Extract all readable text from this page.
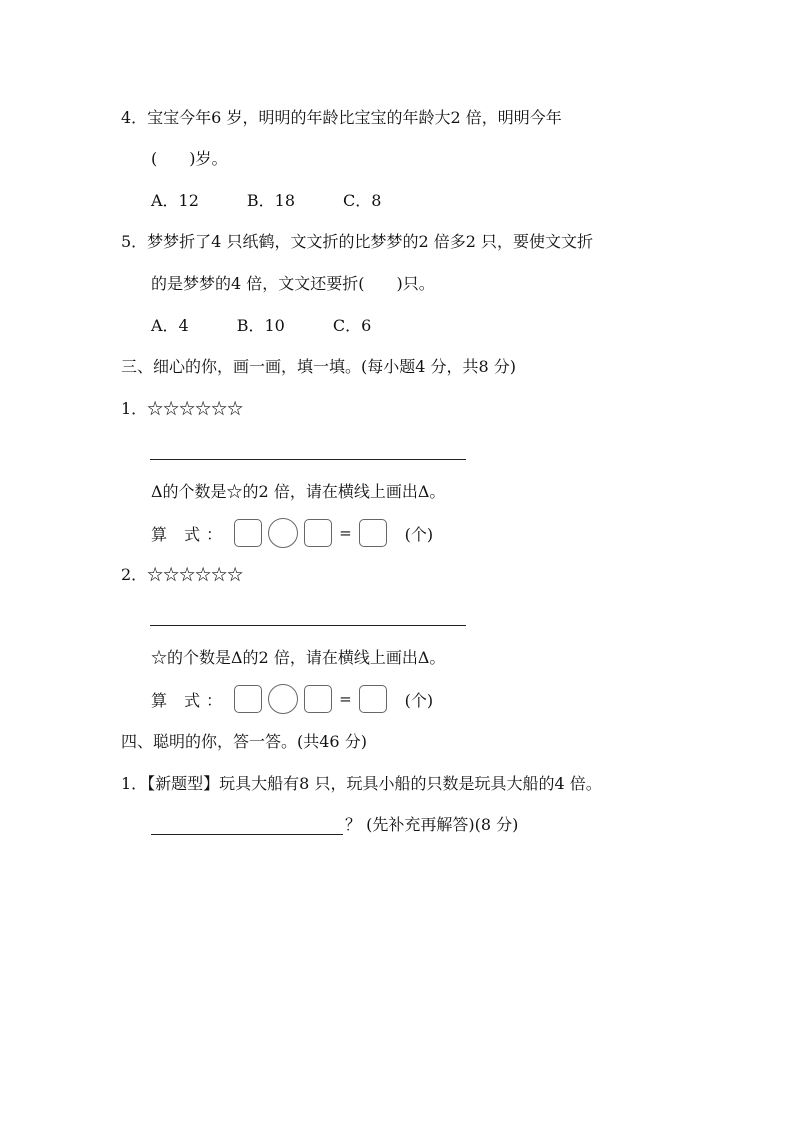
4．宝宝今年6 岁，明明的年龄比宝宝的年龄大2 倍，明明今年
(　　)岁。
A．12　　　B．18　　　C．8
5．梦梦折了4 只纸鹤，文文折的比梦梦的2 倍多2 只，要使文文折
的是梦梦的4 倍，文文还要折(　　)只。
A．4　　　B．10　　　C．6
三、细心的你，画一画，填一填。(每小题4 分，共8 分)
1．☆☆☆☆☆☆
Δ的个数是☆的2 倍，请在横线上画出Δ。
算 式：	=	(个)
2．☆☆☆☆☆☆
☆的个数是Δ的2 倍，请在横线上画出Δ。
算 式：	=	(个)
四、聪明的你，答一答。(共46 分)
1．【新题型】玩具大船有8 只，玩具小船的只数是玩具大船的4 倍。
？ (先补充再解答)(8 分)
